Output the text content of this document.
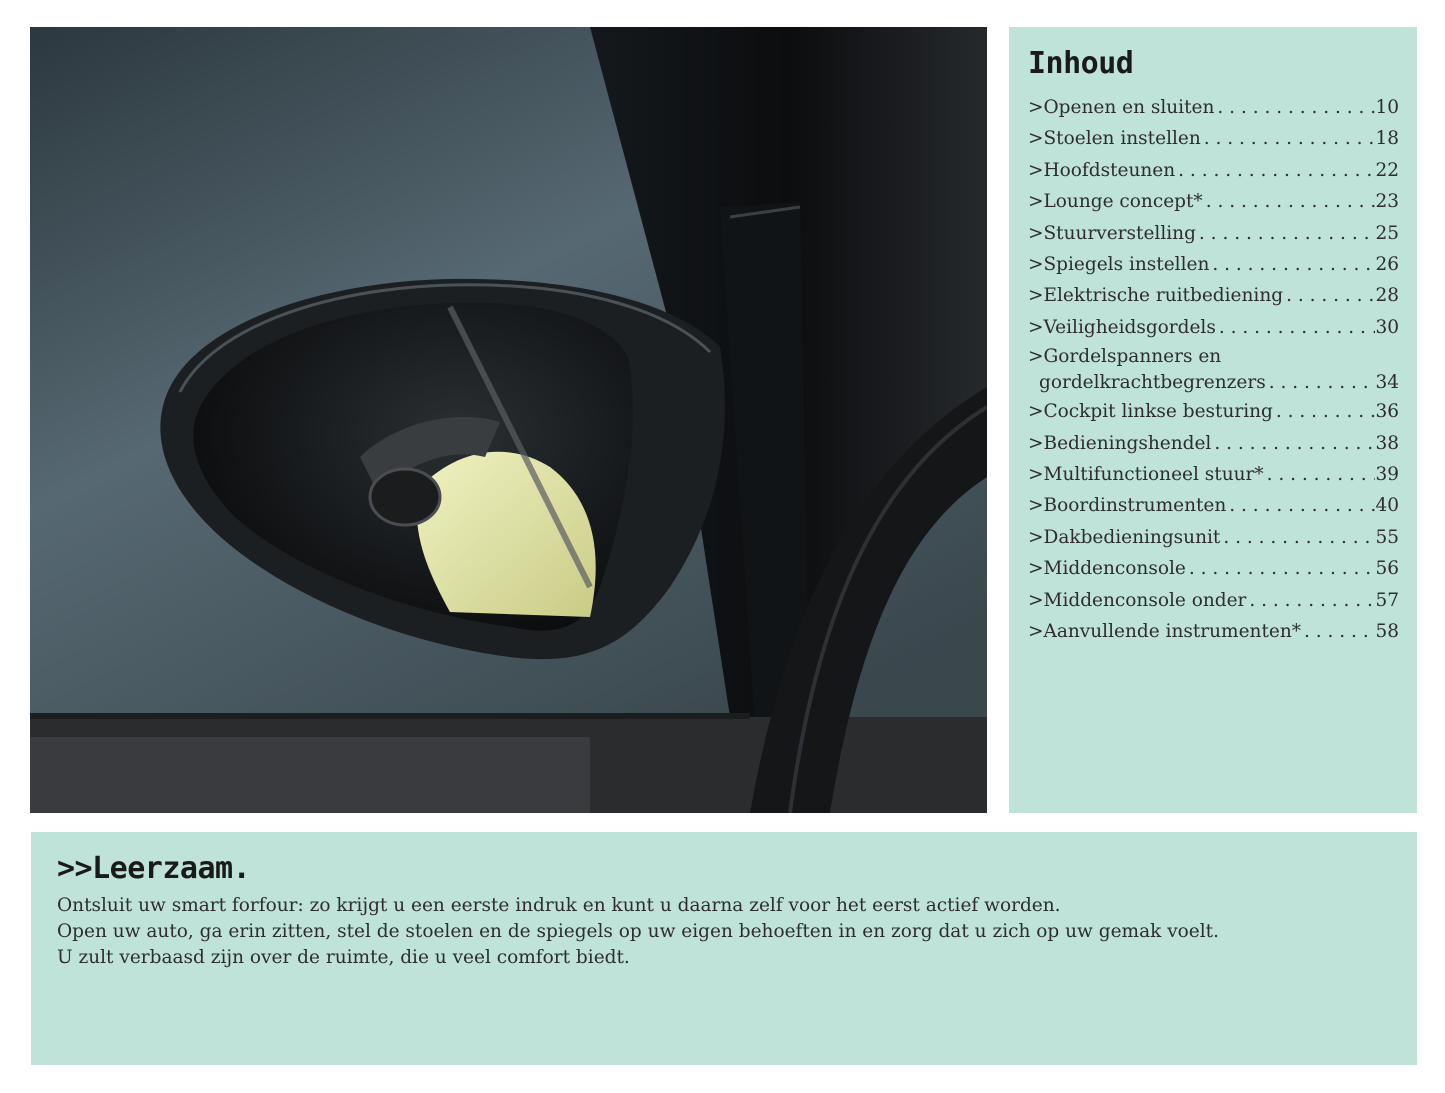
Inhoud
>Openen en sluiten . . .	10
>Stoelen instellen . . .	18
>Hoofdsteunen . . .	22
>Lounge concept* . . .	23
>Stuurverstelling . . .	25
>Spiegels instellen . . .	26
>Elektrische ruitbediening . . .	28
>Veiligheidsgordels . . .	30
>Gordelspanners en
gordelkrachtbegrenzers . . .	34
>Cockpit linkse besturing . . .	36
>Bedieningshendel . . .	38
>Multifunctioneel stuur* . . .	39
>Boordinstrumenten . . .	40
>Dakbedieningsunit . . .	55
>Middenconsole . . .	56
>Middenconsole onder . . .	57
>Aanvullende instrumenten* . . .	58
>>Leerzaam.

Ontsluit uw smart forfour: zo krijgt u een eerste indruk en kunt u daarna zelf voor het eerst actief worden.

Open uw auto, ga erin zitten, stel de stoelen en de spiegels op uw eigen behoeften in en zorg dat u zich op uw gemak voelt.

U zult verbaasd zijn over de ruimte, die u veel comfort biedt.
